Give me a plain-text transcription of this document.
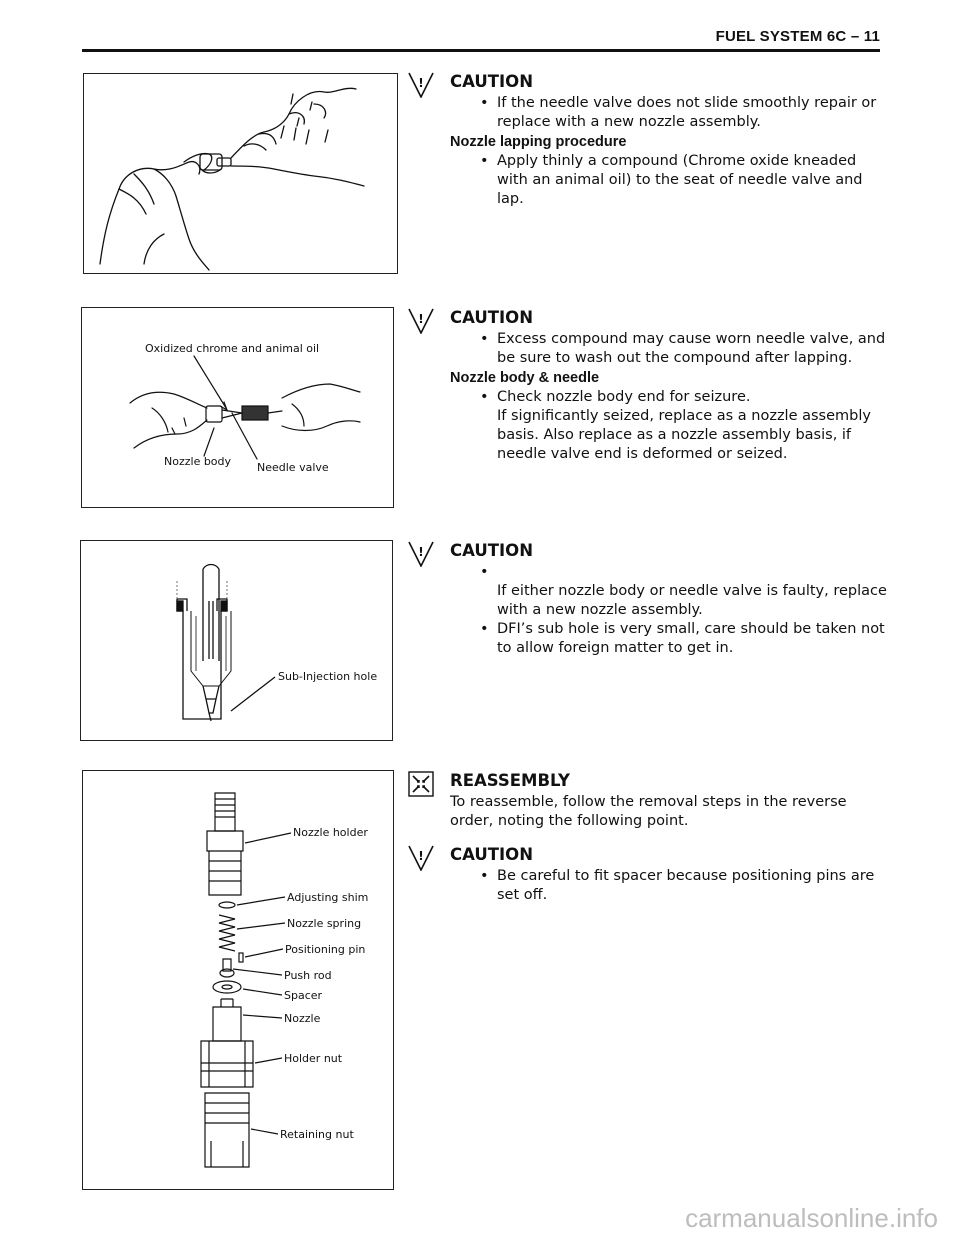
FUEL SYSTEM 6C – 11
! CAUTION
• If the needle valve does not slide smoothly repair or replace with a new nozzle assembly.
Nozzle lapping procedure
• Apply thinly a compound (Chrome oxide kneaded with an animal oil) to the seat of needle valve and lap.
Oxidized chrome and animal oil
Nozzle body Needle valve
! CAUTION
• Excess compound may cause worn needle valve, and be sure to wash out the compound after lapping.
Nozzle body & needle
• Check nozzle body end for seizure.
If significantly seized, replace as a nozzle assembly basis. Also replace as a nozzle assembly basis, if needle valve end is deformed or seized.
Sub-Injection hole
! CAUTION
•
If either nozzle body or needle valve is faulty, replace with a new nozzle assembly.
• DFI’s sub hole is very small, care should be taken not to allow foreign matter to get in.
Nozzle holder
Adjusting shim
Nozzle spring
Positioning pin
Push rod
Spacer
Nozzle
Holder nut
Retaining nut
REASSEMBLY
To reassemble, follow the removal steps in the reverse order, noting the following point.
! CAUTION
• Be careful to fit spacer because positioning pins are set off.
carmanualsonline.info
